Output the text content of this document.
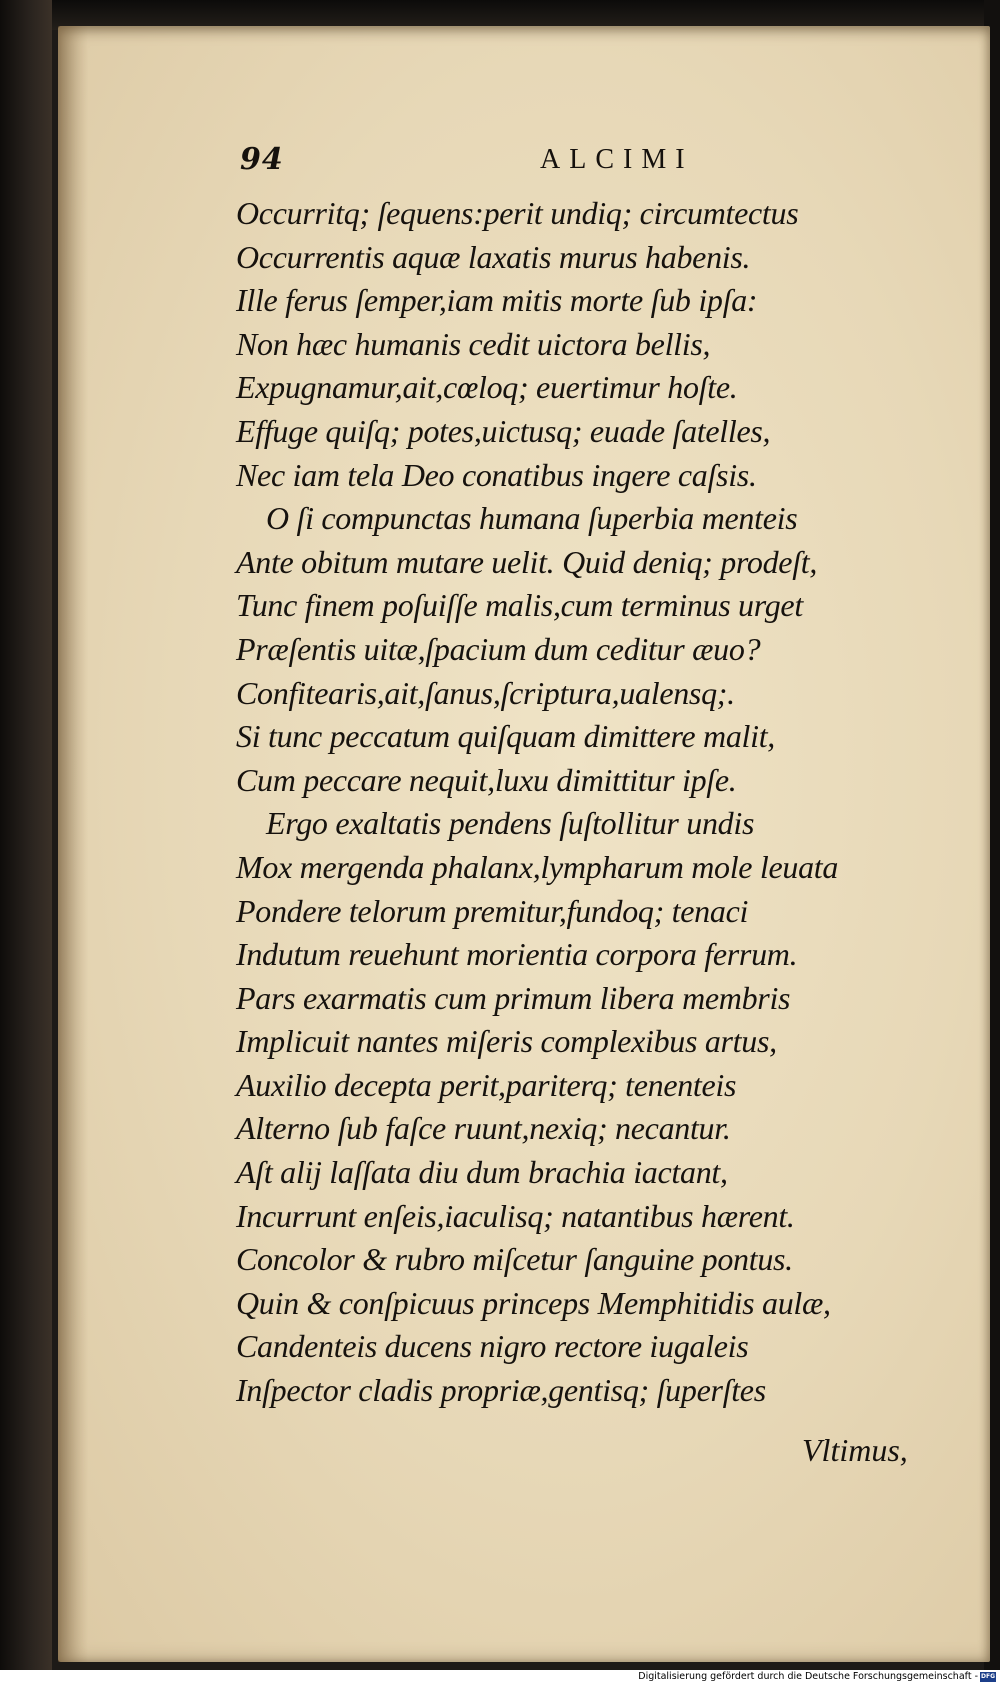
94	ALCIMI
Occurritq; ſequens:perit undiq; circumtectus
Occurrentis aquæ laxatis murus habenis.
Ille ferus ſemper,iam mitis morte ſub ipſa:
Non hæc humanis cedit uictora bellis,
Expugnamur,ait,cœloq; euertimur hoſte.
Effuge quiſq; potes,uictusq; euade ſatelles,
Nec iam tela Deo conatibus ingere caſsis.
O ſi compunctas humana ſuperbia menteis
Ante obitum mutare uelit. Quid deniq; prodeſt,
Tunc finem poſuiſſe malis,cum terminus urget
Præſentis uitæ,ſpacium dum ceditur æuo?
Confitearis,ait,ſanus,ſcriptura,ualensq;.
Si tunc peccatum quiſquam dimittere malit,
Cum peccare nequit,luxu dimittitur ipſe.
Ergo exaltatis pendens ſuſtollitur undis
Mox mergenda phalanx,lympharum mole leuata
Pondere telorum premitur,fundoq; tenaci
Indutum reuehunt morientia corpora ferrum.
Pars exarmatis cum primum libera membris
Implicuit nantes miſeris complexibus artus,
Auxilio decepta perit,pariterq; tenenteis
Alterno ſub faſce ruunt,nexiq; necantur.
Aſt alij laſſata diu dum brachia iactant,
Incurrunt enſeis,iaculisq; natantibus hærent.
Concolor & rubro miſcetur ſanguine pontus.
Quin & conſpicuus princeps Memphitidis aulæ,
Candenteis ducens nigro rectore iugaleis
Inſpector cladis propriæ,gentisq; ſuperſtes
Vltimus,
Digitalisierung gefördert durch die Deutsche Forschungsgemeinschaft - DFG
